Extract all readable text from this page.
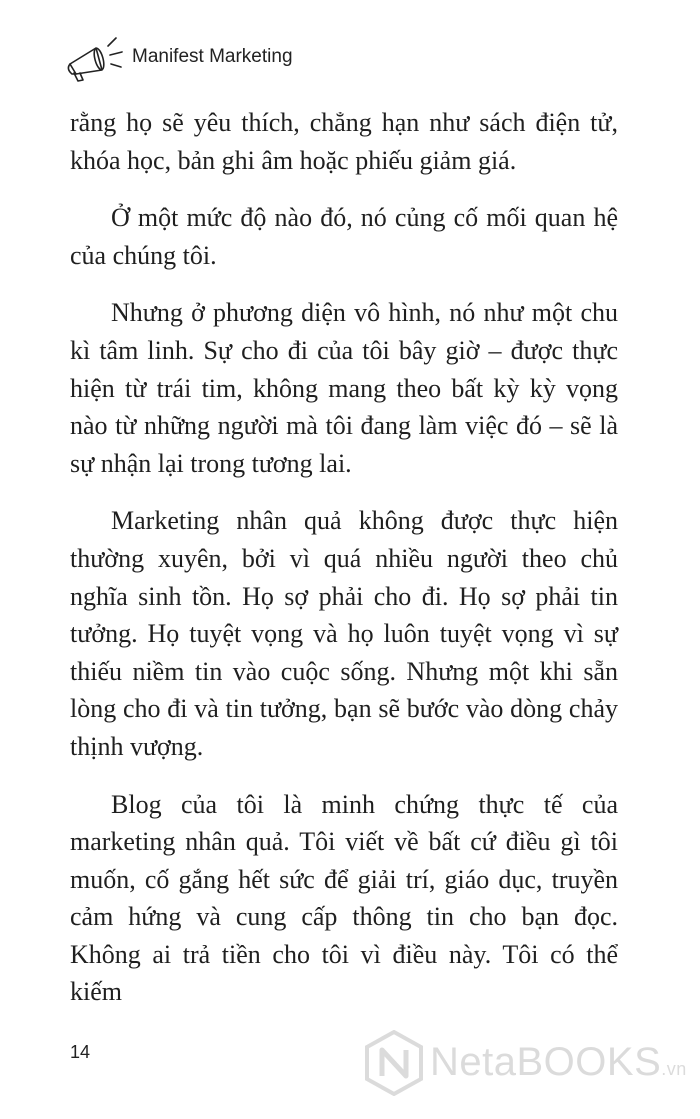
Manifest Marketing

rằng họ sẽ yêu thích, chẳng hạn như sách điện tử, khóa học, bản ghi âm hoặc phiếu giảm giá.

Ở một mức độ nào đó, nó củng cố mối quan hệ của chúng tôi.

Nhưng ở phương diện vô hình, nó như một chu kì tâm linh. Sự cho đi của tôi bây giờ – được thực hiện từ trái tim, không mang theo bất kỳ kỳ vọng nào từ những người mà tôi đang làm việc đó – sẽ là sự nhận lại trong tương lai.

Marketing nhân quả không được thực hiện thường xuyên, bởi vì quá nhiều người theo chủ nghĩa sinh tồn. Họ sợ phải cho đi. Họ sợ phải tin tưởng. Họ tuyệt vọng và họ luôn tuyệt vọng vì sự thiếu niềm tin vào cuộc sống. Nhưng một khi sẵn lòng cho đi và tin tưởng, bạn sẽ bước vào dòng chảy thịnh vượng.

Blog của tôi là minh chứng thực tế của marketing nhân quả. Tôi viết về bất cứ điều gì tôi muốn, cố gắng hết sức để giải trí, giáo dục, truyền cảm hứng và cung cấp thông tin cho bạn đọc. Không ai trả tiền cho tôi vì điều này. Tôi có thể kiếm

14	NetaBOOKS.vn
